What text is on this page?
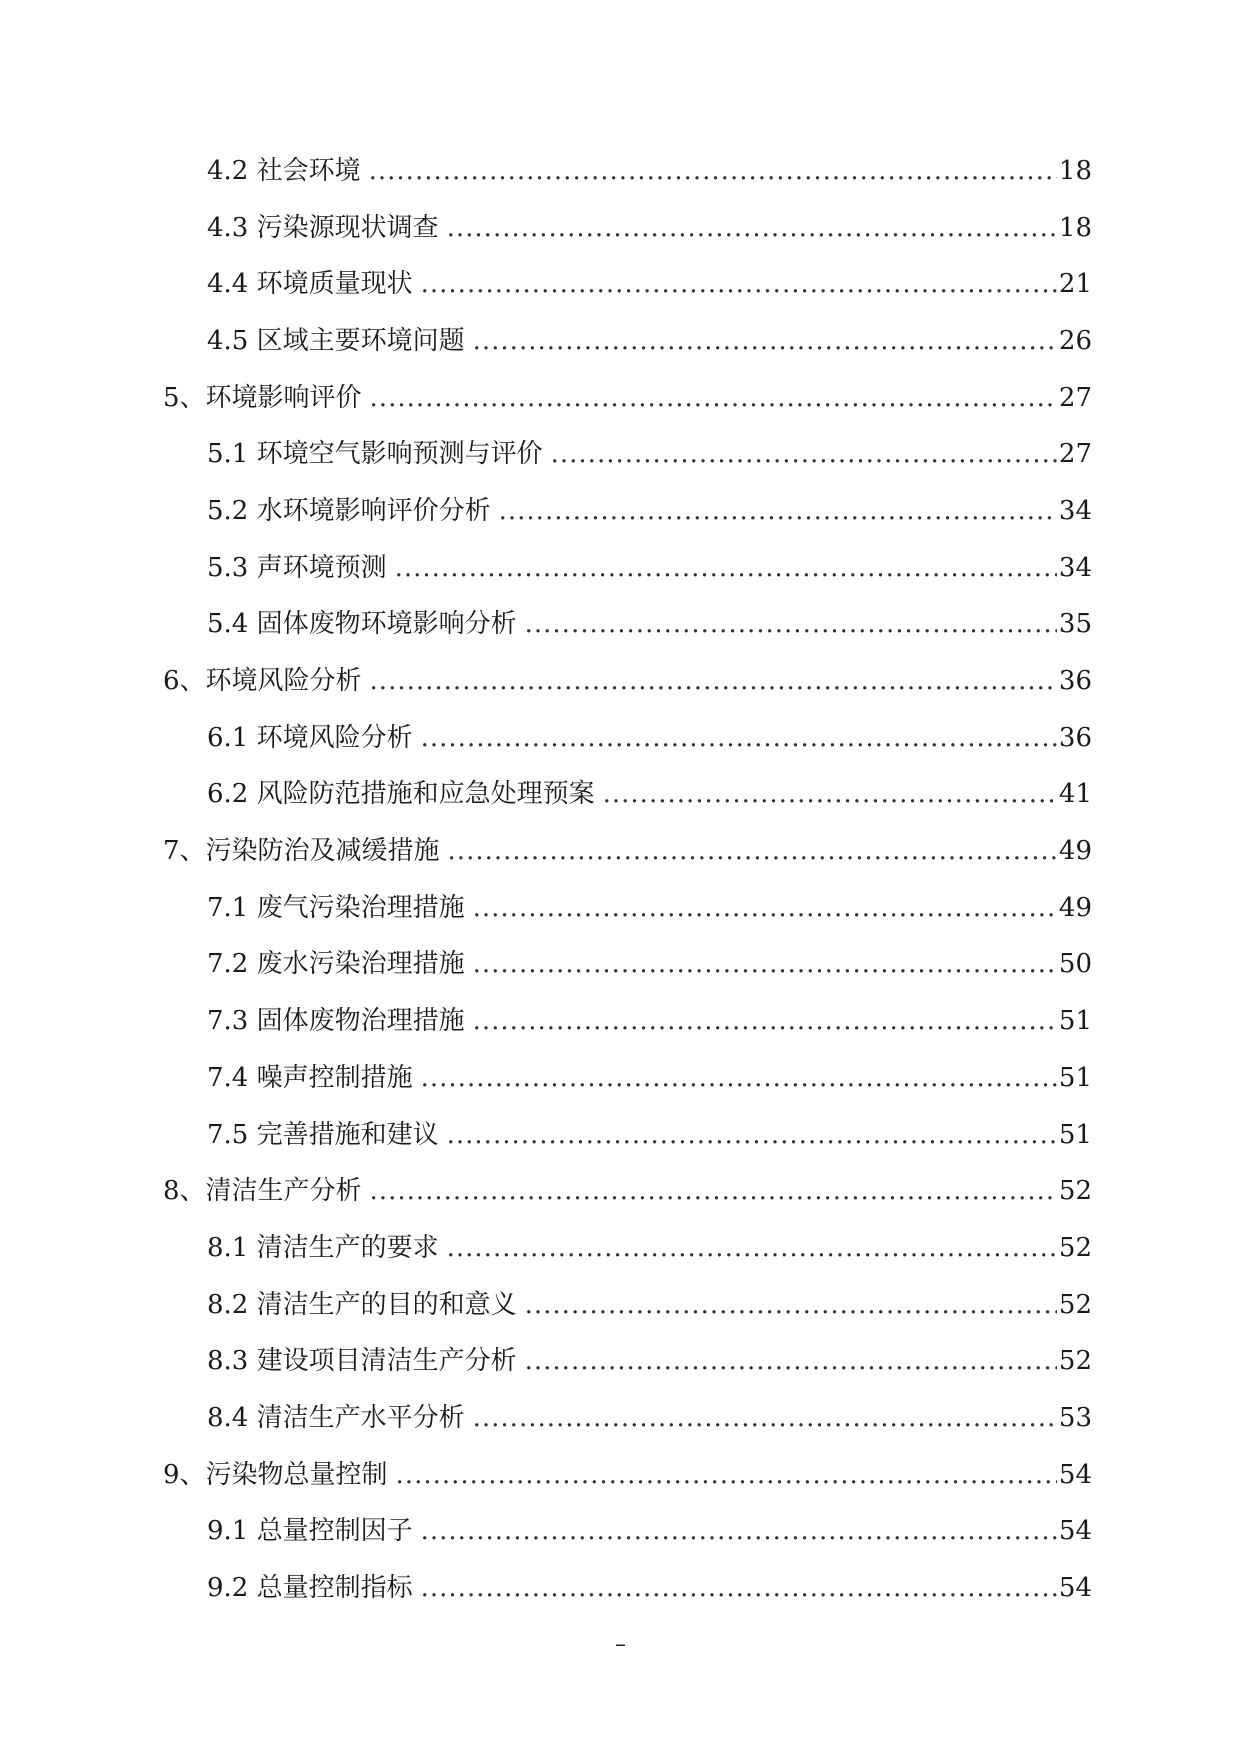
4.2 社会环境 .....	18
4.3 污染源现状调查 .....	18
4.4 环境质量现状 .....	21
4.5 区域主要环境问题 .....	26
5、环境影响评价 .....	27
5.1 环境空气影响预测与评价 .....	27
5.2 水环境影响评价分析 .....	34
5.3 声环境预测 .....	34
5.4 固体废物环境影响分析 .....	35
6、环境风险分析 .....	36
6.1 环境风险分析 .....	36
6.2 风险防范措施和应急处理预案 .....	41
7、污染防治及减缓措施 .....	49
7.1 废气污染治理措施 .....	49
7.2 废水污染治理措施 .....	50
7.3 固体废物治理措施 .....	51
7.4 噪声控制措施 .....	51
7.5 完善措施和建议 .....	51
8、清洁生产分析 .....	52
8.1 清洁生产的要求 .....	52
8.2 清洁生产的目的和意义 .....	52
8.3 建设项目清洁生产分析 .....	52
8.4 清洁生产水平分析 .....	53
9、污染物总量控制 .....	54
9.1 总量控制因子 .....	54
9.2 总量控制指标 .....	54
–
